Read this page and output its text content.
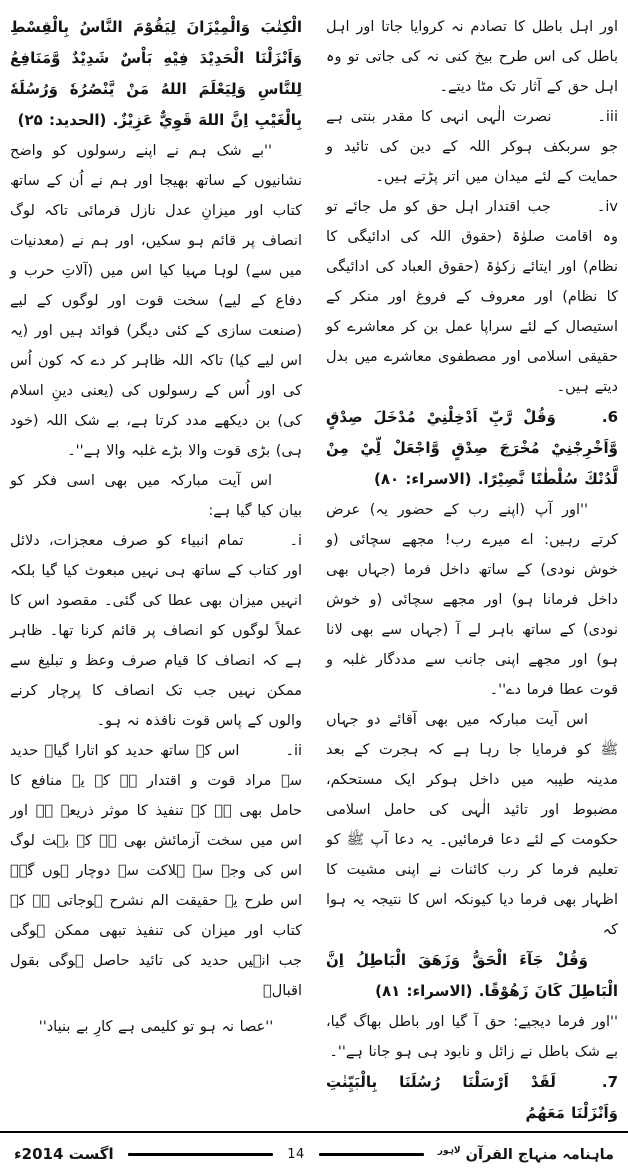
اور اہل باطل کا تصادم نہ کروایا جاتا اور اہل باطل کی اس طرح بیخ کنی نہ کی جاتی تو وہ اہل حق کے آثار تک مٹا دیتے۔

iii۔نصرت الٰہی انہی کا مقدر بنتی ہے جو سربکف ہوکر اللہ کے دین کی تائید و حمایت کے لئے میدان میں اتر پڑتے ہیں۔

iv۔جب اقتدار اہل حق کو مل جائے تو وہ اقامت صلوٰۃ (حقوق اللہ کی ادائیگی کا نظام) اور ایتائے زکوٰۃ (حقوق العباد کی ادائیگی کا نظام) اور معروف کے فروغ اور منکر کے استیصال کے لئے سراپا عمل بن کر معاشرے کو حقیقی اسلامی اور مصطفوی معاشرے میں بدل دیتے ہیں۔

6.وَقُلْ رَّبِّ اَدْخِلْنِيْ مُدْخَلَ صِدْقٍ وَّاَخْرِجْنِيْ مُخْرَجَ صِدْقٍ وَّاجْعَلْ لِّيْ مِنْ لَّدُنْكَ سُلْطٰنًا نَّصِيْرًا. (الاسراء: ۸۰)

''اور آپ (اپنے رب کے حضور یہ) عرض کرتے رہیں: اے میرے رب! مجھے سچائی (و خوش نودی) کے ساتھ داخل فرما (جہاں بھی داخل فرمانا ہو) اور مجھے سچائی (و خوش نودی) کے ساتھ باہر لے آ (جہاں سے بھی لانا ہو) اور مجھے اپنی جانب سے مددگار غلبہ و قوت عطا فرما دے''۔

اس آیت مبارکہ میں بھی آقائے دو جہاں ﷺ کو فرمایا جا رہا ہے کہ ہجرت کے بعد مدینہ طیبہ میں داخل ہوکر ایک مستحکم، مضبوط اور تائید الٰہی کی حامل اسلامی حکومت کے لئے دعا فرمائیں۔ یہ دعا آپ ﷺ کو تعلیم فرما کر رب کائنات نے اپنی مشیت کا اظہار بھی فرما دیا کیونکہ اس کا نتیجہ یہ ہوا کہ

وَقُلْ جَآءَ الْحَقُّ وَزَهَقَ الْبَاطِلُ اِنَّ الْبَاطِلَ كَانَ زَهُوْقًا. (الاسراء: ۸۱)

''اور فرما دیجیے: حق آ گیا اور باطل بھاگ گیا، بے شک باطل نے زائل و نابود ہی ہو جانا ہے''۔

7.لَقَدْ اَرْسَلْنَا رُسُلَنَا بِالْبَيِّنٰتِ وَاَنْزَلْنَا مَعَهُمُ

الْكِتٰبَ وَالْمِيْزَانَ لِيَقُوْمَ النَّاسُ بِالْقِسْطِ وَاَنْزَلْنَا الْحَدِيْدَ فِيْهِ بَاْسٌ شَدِيْدٌ وَّمَنَافِعُ لِلنَّاسِ وَلِيَعْلَمَ اللهُ مَنْ يَّنْصُرُهٗ وَرُسُلَهٗ بِالْغَيْبِ اِنَّ اللهَ قَوِيٌّ عَزِيْزٌ. (الحديد: ۲۵)

''بے شک ہم نے اپنے رسولوں کو واضح نشانیوں کے ساتھ بھیجا اور ہم نے اُن کے ساتھ کتاب اور میزانِ عدل نازل فرمائی تاکہ لوگ انصاف پر قائم ہو سکیں، اور ہم نے (معدنیات میں سے) لوہا مہیا کیا اس میں (آلاتِ حرب و دفاع کے لیے) سخت قوت اور لوگوں کے لیے (صنعت سازی کے کئی دیگر) فوائد ہیں اور (یہ اس لیے کیا) تاکہ اللہ ظاہر کر دے کہ کون اُس کی اور اُس کے رسولوں کی (یعنی دینِ اسلام کی) بن دیکھے مدد کرتا ہے، بے شک اللہ (خود ہی) بڑی قوت والا بڑے غلبہ والا ہے''۔

اس آیت مبارکہ میں بھی اسی فکر کو بیان کیا گیا ہے:

i۔تمام انبیاء کو صرف معجزات، دلائل اور کتاب کے ساتھ ہی نہیں مبعوث کیا گیا بلکہ انہیں میزان بھی عطا کی گئی۔ مقصود اس کا عملاً لوگوں کو انصاف پر قائم کرنا تھا۔ ظاہر ہے کہ انصاف کا قیام صرف وعظ و تبلیغ سے ممکن نہیں جب تک انصاف کا پرچار کرنے والوں کے پاس قوت نافذہ نہ ہو۔

ii۔اس کے ساتھ حدید کو اتارا گیا۔ حدید سے مراد قوت و اقتدار ہے کہ یہ منافع کا حامل بھی ہے کہ تنفیذ کا موثر ذریعہ ہے اور اس میں سخت آزمائش بھی ہے کہ بہت لوگ اس کی وجہ سے ہلاکت سے دوچار ہوں گے۔ اس طرح یہ حقیقت الم نشرح ہوجاتی ہے کہ کتاب اور میزان کی تنفیذ تبھی ممکن ہوگی جب انہیں حدید کی تائید حاصل ہوگی بقول اقبالؒ

''عصا نہ ہو تو کلیمی ہے کارِ بے بنیاد''

ماہنامہ منہاج القرآن $^{لاہور}$
14
اگست 2014ء
